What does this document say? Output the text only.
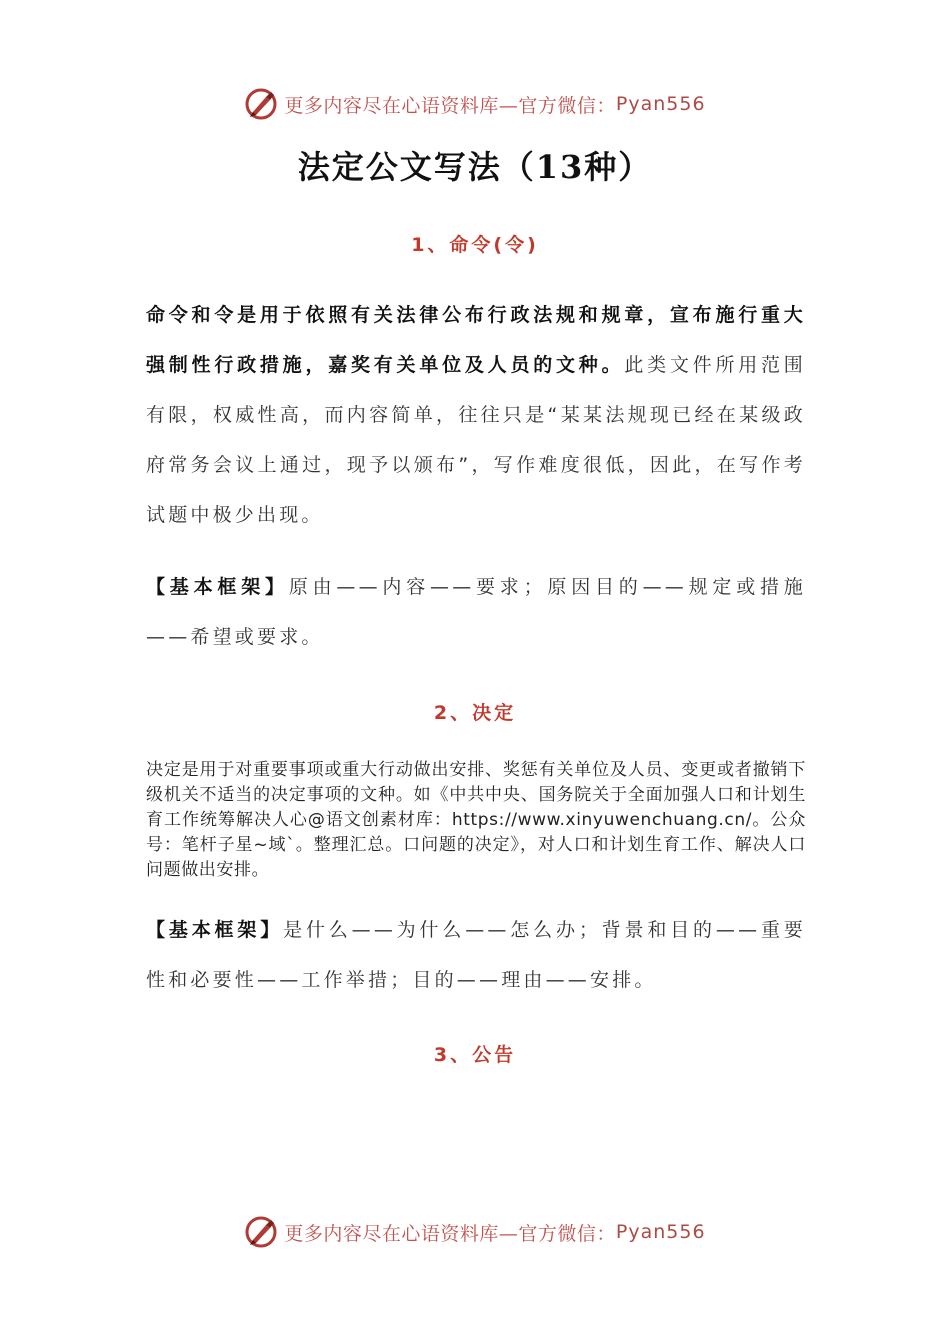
更多内容尽在心语资料库—官方微信： Pyan556
法定公文写法（13种）
1、命令(令)

命令和令是用于依照有关法律公布行政法规和规章，宣布施行重大强制性行政措施，嘉奖有关单位及人员的文种。此类文件所用范围有限，权威性高，而内容简单，往往只是“某某法规现已经在某级政府常务会议上通过，现予以颁布”，写作难度很低，因此，在写作考试题中极少出现。

【基本框架】原由——内容——要求；原因目的——规定或措施——希望或要求。

2、决定

决定是用于对重要事项或重大行动做出安排、奖惩有关单位及人员、变更或者撤销下级机关不适当的决定事项的文种。如《中共中央、国务院关于全面加强人口和计划生育工作统筹解决人心@语文创素材库：https://www.xinyuwenchuang.cn/。公众号：笔杆子星~域`。整理汇总。口问题的决定》，对人口和计划生育工作、解决人口问题做出安排。

【基本框架】是什么——为什么——怎么办；背景和目的——重要性和必要性——工作举措；目的——理由——安排。

3、公告
更多内容尽在心语资料库—官方微信： Pyan556
